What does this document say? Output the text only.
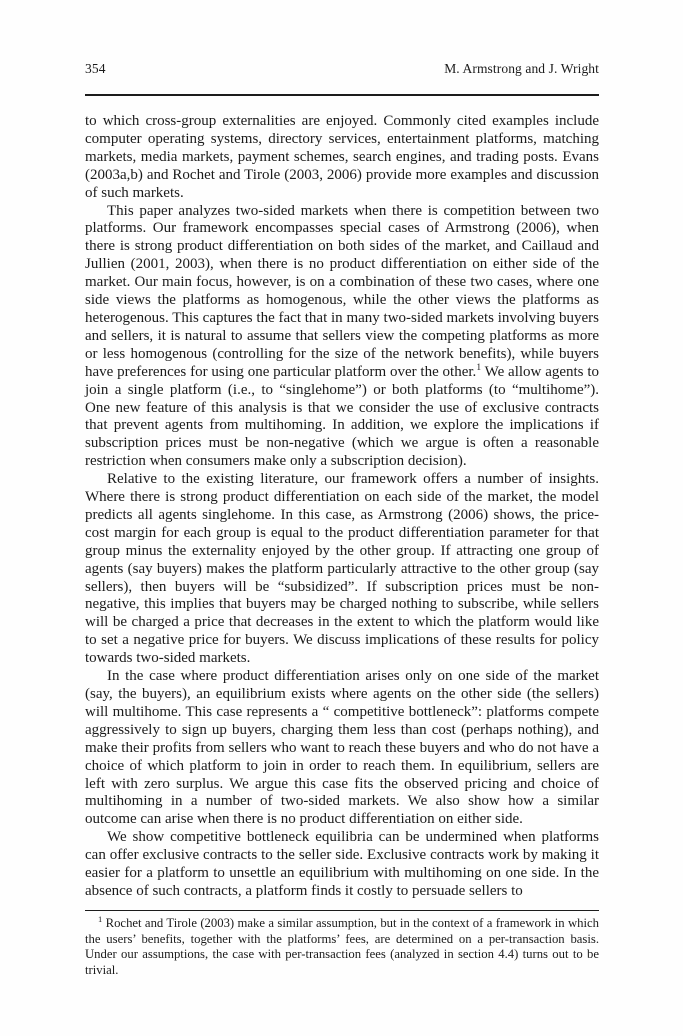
354	M. Armstrong and J. Wright

to which cross-group externalities are enjoyed. Commonly cited examples include computer operating systems, directory services, entertainment platforms, matching markets, media markets, payment schemes, search engines, and trading posts. Evans (2003a,b) and Rochet and Tirole (2003, 2006) provide more examples and discussion of such markets.

This paper analyzes two-sided markets when there is competition between two platforms. Our framework encompasses special cases of Armstrong (2006), when there is strong product differentiation on both sides of the market, and Caillaud and Jullien (2001, 2003), when there is no product differentiation on either side of the market. Our main focus, however, is on a combination of these two cases, where one side views the platforms as homogenous, while the other views the platforms as heterogenous. This captures the fact that in many two-sided markets involving buyers and sellers, it is natural to assume that sellers view the competing platforms as more or less homogenous (controlling for the size of the network benefits), while buyers have preferences for using one particular platform over the other.$^1$ We allow agents to join a single platform (i.e., to “singlehome”) or both platforms (to “multihome”). One new feature of this analysis is that we consider the use of exclusive contracts that prevent agents from multihoming. In addition, we explore the implications if subscription prices must be non-negative (which we argue is often a reasonable restriction when consumers make only a subscription decision).

Relative to the existing literature, our framework offers a number of insights. Where there is strong product differentiation on each side of the market, the model predicts all agents singlehome. In this case, as Armstrong (2006) shows, the price-cost margin for each group is equal to the product differentiation parameter for that group minus the externality enjoyed by the other group. If attracting one group of agents (say buyers) makes the platform particularly attractive to the other group (say sellers), then buyers will be “subsidized”. If subscription prices must be non-negative, this implies that buyers may be charged nothing to subscribe, while sellers will be charged a price that decreases in the extent to which the platform would like to set a negative price for buyers. We discuss implications of these results for policy towards two-sided markets.

In the case where product differentiation arises only on one side of the market (say, the buyers), an equilibrium exists where agents on the other side (the sellers) will multihome. This case represents a “ competitive bottleneck”: platforms compete aggressively to sign up buyers, charging them less than cost (perhaps nothing), and make their profits from sellers who want to reach these buyers and who do not have a choice of which platform to join in order to reach them. In equilibrium, sellers are left with zero surplus. We argue this case fits the observed pricing and choice of multihoming in a number of two-sided markets. We also show how a similar outcome can arise when there is no product differentiation on either side.

We show competitive bottleneck equilibria can be undermined when platforms can offer exclusive contracts to the seller side. Exclusive contracts work by making it easier for a platform to unsettle an equilibrium with multihoming on one side. In the absence of such contracts, a platform finds it costly to persuade sellers to

$^1$ Rochet and Tirole (2003) make a similar assumption, but in the context of a framework in which the users’ benefits, together with the platforms’ fees, are determined on a per-transaction basis. Under our assumptions, the case with per-transaction fees (analyzed in section 4.4) turns out to be trivial.
